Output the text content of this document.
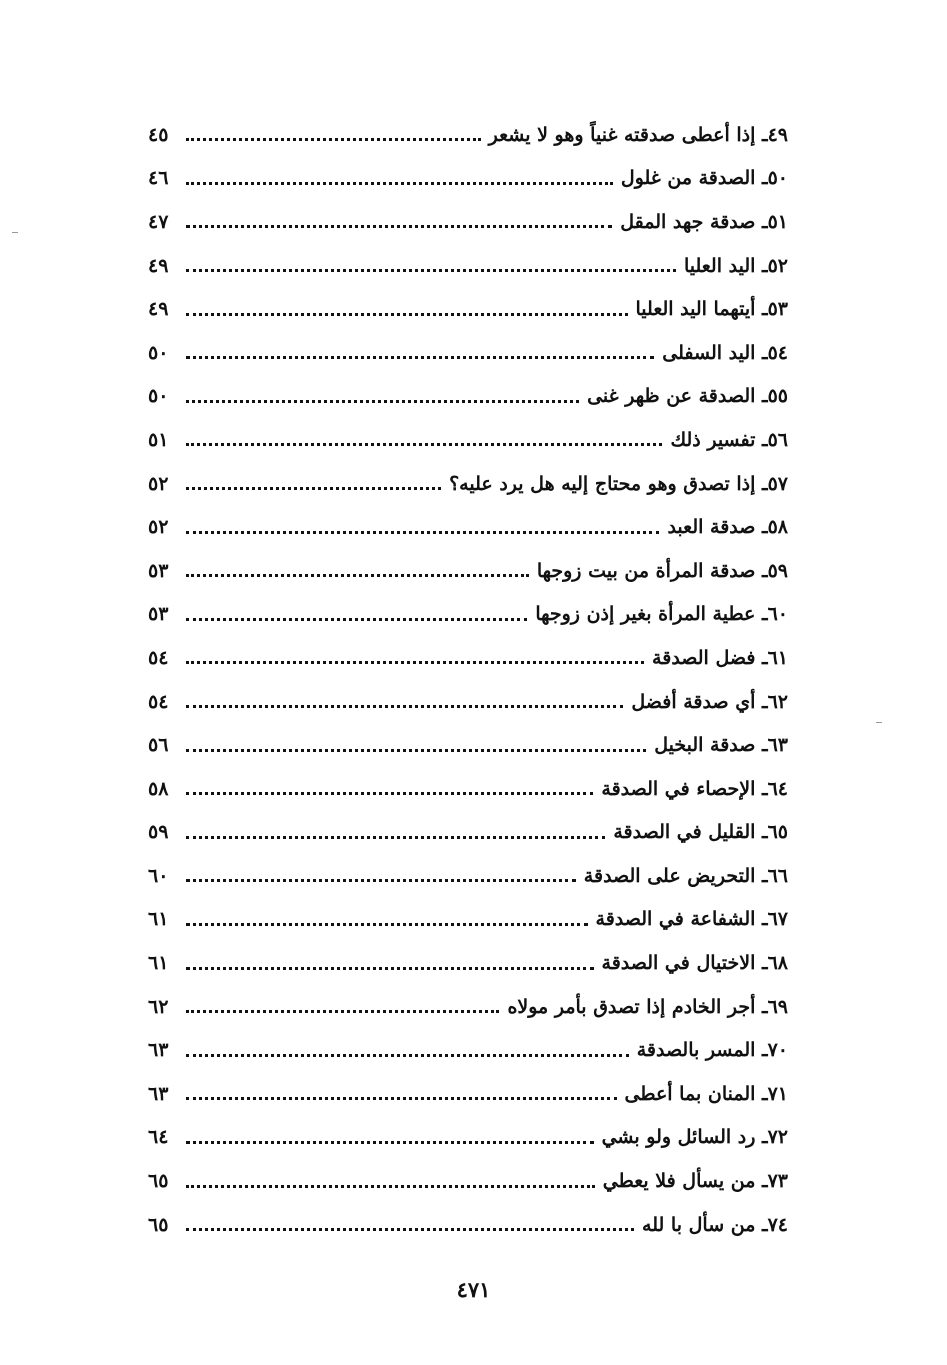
٤٩ـ إذا أعطى صدقته غنياً وهو لا يشعر
٤٥
٥٠ـ الصدقة من غلول
٤٦
٥١ـ صدقة جهد المقل
٤٧
٥٢ـ اليد العليا
٤٩
٥٣ـ أيتهما اليد العليا
٤٩
٥٤ـ اليد السفلى
٥٠
٥٥ـ الصدقة عن ظهر غنى
٥٠
٥٦ـ تفسير ذلك
٥١
٥٧ـ إذا تصدق وهو محتاج إليه هل يرد عليه؟
٥٢
٥٨ـ صدقة العبد
٥٢
٥٩ـ صدقة المرأة من بيت زوجها
٥٣
٦٠ـ عطية المرأة بغير إذن زوجها
٥٣
٦١ـ فضل الصدقة
٥٤
٦٢ـ أي صدقة أفضل
٥٤
٦٣ـ صدقة البخيل
٥٦
٦٤ـ الإحصاء في الصدقة
٥٨
٦٥ـ القليل في الصدقة
٥٩
٦٦ـ التحريض على الصدقة
٦٠
٦٧ـ الشفاعة في الصدقة
٦١
٦٨ـ الاختيال في الصدقة
٦١
٦٩ـ أجر الخادم إذا تصدق بأمر مولاه
٦٢
٧٠ـ المسر بالصدقة
٦٣
٧١ـ المنان بما أعطى
٦٣
٧٢ـ رد السائل ولو بشي
٦٤
٧٣ـ من يسأل فلا يعطي
٦٥
٧٤ـ من سأل با لله
٦٥
٤٧١
